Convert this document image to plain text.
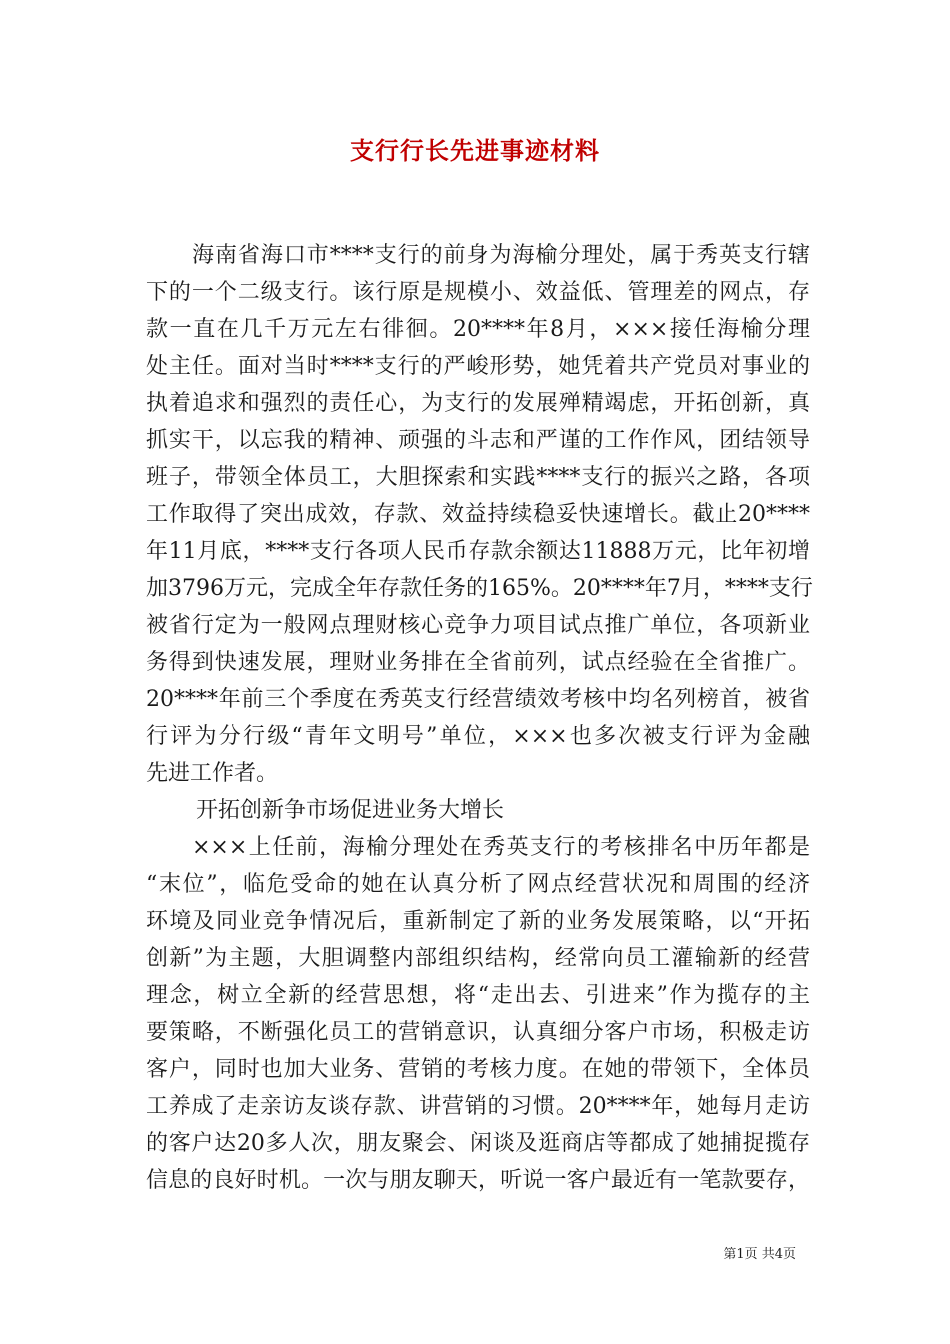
支行行长先进事迹材料
海南省海口市****支行的前身为海榆分理处，属于秀英支行辖
下的一个二级支行。该行原是规模小、效益低、管理差的网点，存
款一直在几千万元左右徘徊。20****年8月，×××接任海榆分理
处主任。面对当时****支行的严峻形势，她凭着共产党员对事业的
执着追求和强烈的责任心，为支行的发展殚精竭虑，开拓创新，真
抓实干，以忘我的精神、顽强的斗志和严谨的工作作风，团结领导
班子，带领全体员工，大胆探索和实践****支行的振兴之路，各项
工作取得了突出成效，存款、效益持续稳妥快速增长。截止20****
年11月底，****支行各项人民币存款余额达11888万元，比年初增
加3796万元，完成全年存款任务的165%。20****年7月，****支行
被省行定为一般网点理财核心竞争力项目试点推广单位，各项新业
务得到快速发展，理财业务排在全省前列，试点经验在全省推广。
20****年前三个季度在秀英支行经营绩效考核中均名列榜首，被省
行评为分行级“青年文明号”单位，×××也多次被支行评为金融
先进工作者。
开拓创新争市场促进业务大增长
×××上任前，海榆分理处在秀英支行的考核排名中历年都是
“末位”，临危受命的她在认真分析了网点经营状况和周围的经济
环境及同业竞争情况后，重新制定了新的业务发展策略，以“开拓
创新”为主题，大胆调整内部组织结构，经常向员工灌输新的经营
理念，树立全新的经营思想，将“走出去、引进来”作为揽存的主
要策略，不断强化员工的营销意识，认真细分客户市场，积极走访
客户，同时也加大业务、营销的考核力度。在她的带领下，全体员
工养成了走亲访友谈存款、讲营销的习惯。20****年，她每月走访
的客户达20多人次，朋友聚会、闲谈及逛商店等都成了她捕捉揽存
信息的良好时机。一次与朋友聊天，听说一客户最近有一笔款要存，
第1页 共4页
